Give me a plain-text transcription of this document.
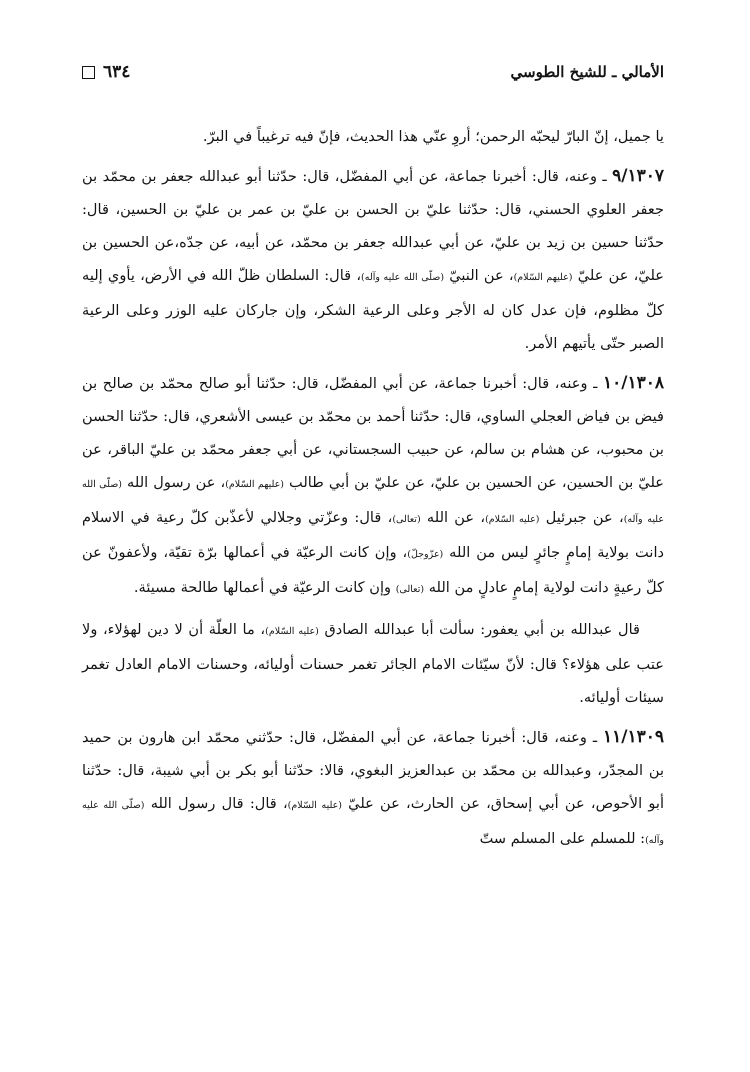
الأمالي ـ للشيخ الطوسي
٦٣٤

يا جميل، إنّ البارّ ليحبّه الرحمن؛ أروِ عنّي هذا الحديث، فإنّ فيه ترغيباً في البرّ.

٩/١٣٠٧ ـ وعنه، قال: أخبرنا جماعة، عن أبي المفضّل، قال: حدّثنا أبو عبدالله جعفر بن محمّد بن جعفر العلوي الحسني، قال: حدّثنا عليّ بن الحسن بن عليّ بن عمر بن عليّ بن الحسين، قال: حدّثنا حسين بن زيد بن عليّ، عن أبي عبدالله جعفر بن محمّد، عن أبيه، عن جدّه،عن الحسين بن عليّ، عن عليّ (عليهم السّلام)، عن النبيّ (صلّى الله عليه وآله)، قال: السلطان ظلّ الله في الأرض، يأوي إليه كلّ مظلوم، فإن عدل كان له الأجر وعلى الرعية الشكر، وإن جاركان عليه الوزر وعلى الرعية الصبر حتّى يأتيهم الأمر.

١٠/١٣٠٨ ـ وعنه، قال: أخبرنا جماعة، عن أبي المفضّل، قال: حدّثنا أبو صالح محمّد بن صالح بن فيض بن فياض العجلي الساوي، قال: حدّثنا أحمد بن محمّد بن عيسى الأشعري، قال: حدّثنا الحسن بن محبوب، عن هشام بن سالم، عن حبيب السجستاني، عن أبي جعفر محمّد بن عليّ الباقر، عن عليّ بن الحسين، عن الحسين بن عليّ، عن عليّ بن أبي طالب (عليهم السّلام)، عن رسول الله (صلّى الله عليه وآله)، عن جبرئيل (عليه السّلام)، عن الله (تعالى)، قال: وعزّتي وجلالي لأعذّبن كلّ رعية في الاسلام دانت بولاية إمامٍ جائرٍ ليس من الله (عزّوجلّ)، وإن كانت الرعيّة في أعمالها برّة تقيّة، ولأعفونّ عن كلّ رعيةٍ دانت لولاية إمامٍ عادلٍ من الله (تعالى) وإن كانت الرعيّة في أعمالها طالحة مسيئة.

قال عبدالله بن أبي يعفور: سألت أبا عبدالله الصادق (عليه السّلام)، ما العلّة أن لا دين لهؤلاء، ولا عتب على هؤلاء؟ قال: لأنّ سيّئات الامام الجائر تغمر حسنات أوليائه، وحسنات الامام العادل تغمر سيئات أوليائه.

١١/١٣٠٩ ـ وعنه، قال: أخبرنا جماعة، عن أبي المفضّل، قال: حدّثني محمّد ابن هارون بن حميد بن المجدّر، وعبدالله بن محمّد بن عبدالعزيز البغوي، قالا: حدّثنا أبو بكر بن أبي شيبة، قال: حدّثنا أبو الأحوص، عن أبي إسحاق، عن الحارث، عن عليّ (عليه السّلام)، قال: قال رسول الله (صلّى الله عليه وآله): للمسلم على المسلم ستّ
